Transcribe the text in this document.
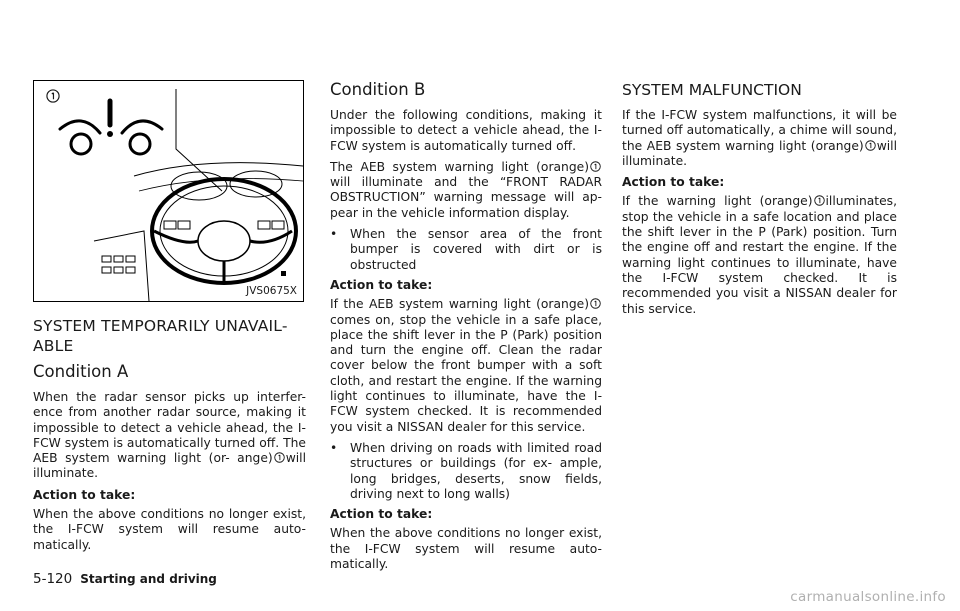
JVS0675X
SYSTEM TEMPORARILY UNAVAIL- ABLE
Condition A

When the radar sensor picks up interfer- ence from another radar source, making it impossible to detect a vehicle ahead, the I-FCW system is automatically turned off. The AEB system warning light (or- ange) will illuminate.

Action to take:

When the above conditions no longer exist, the I-FCW system will resume auto- matically.

Condition B

Under the following conditions, making it impossible to detect a vehicle ahead, the I-FCW system is automatically turned off.

The AEB system warning light (orange)will illuminate and the “FRONT RADAR OBSTRUCTION” warning message will ap- pear in the vehicle information display.

•	When the sensor area of the front bumper is covered with dirt or is obstructed

Action to take:

If the AEB system warning light (orange)comes on, stop the vehicle in a safe place, place the shift lever in the P (Park) position and turn the engine off. Clean the radar cover below the front bumper with a soft cloth, and restart the engine. If the warning light continues to illuminate, have the I-FCW system checked. It is recommended you visit a NISSAN dealer for this service.

•	When driving on roads with limited road structures or buildings (for ex- ample, long bridges, deserts, snow fields, driving next to long walls)

Action to take:

When the above conditions no longer exist, the I-FCW system will resume auto- matically.

SYSTEM MALFUNCTION

If the I-FCW system malfunctions, it will be turned off automatically, a chime will sound, the AEB system warning light (orange) will illuminate.

Action to take:

If the warning light (orange) illuminates, stop the vehicle in a safe location and place the shift lever in the P (Park) position. Turn the engine off and restart the engine. If the warning light continues to illuminate, have the I-FCW system checked. It is recommended you visit a NISSAN dealer for this service.

5-120 Starting and driving
carmanualsonline.info
